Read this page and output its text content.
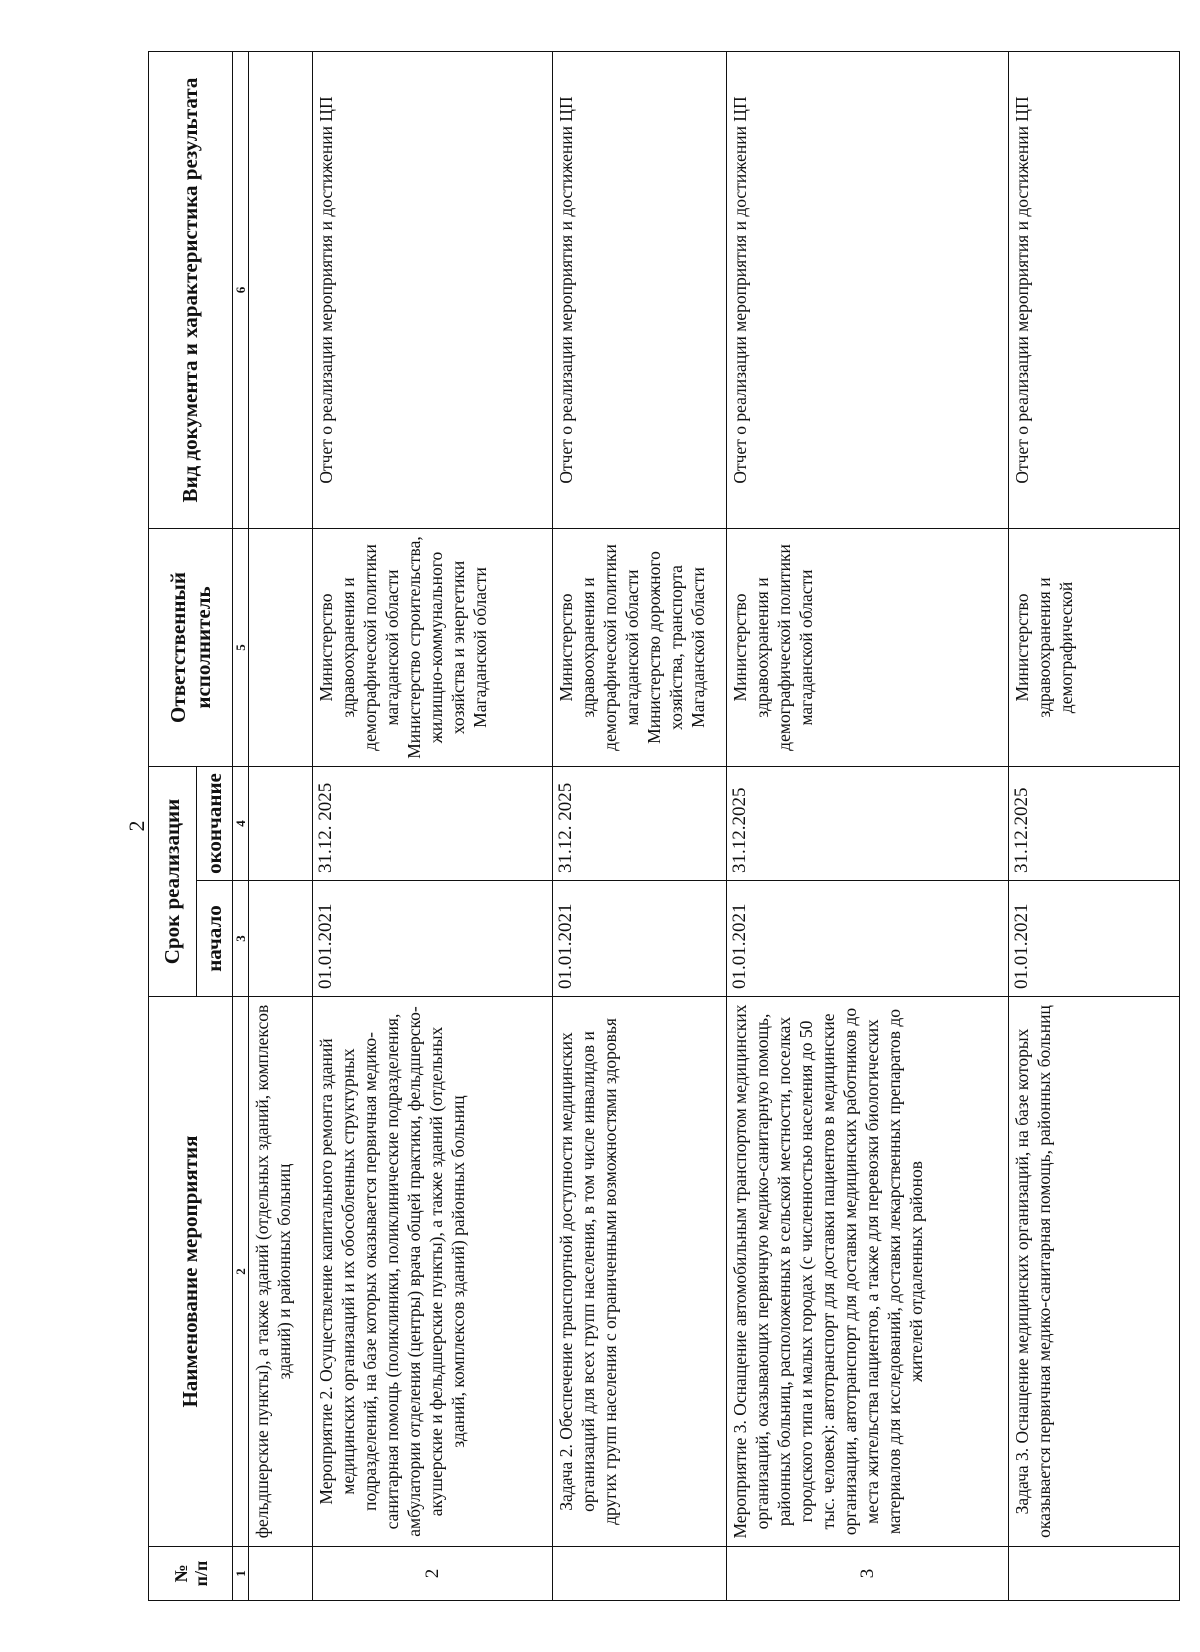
2
№
п/п	Наименование мероприятия	Срок реализации		Ответственный исполнитель	Вид документа и характеристика результата
		начало	окончание		
1	2	3	4	5	6
	фельдшерские пункты), а также зданий (отдельных зданий, комплексов зданий) и районных больниц				
2	Мероприятие 2. Осуществление капитального ремонта зданий медицинских организаций и их обособленных структурных подразделений, на базе которых оказывается первичная медико-санитарная помощь (поликлиники, поликлинические подразделения, амбулатории отделения (центры) врача общей практики, фельдшерско-акушерские и фельдшерские пункты), а также зданий (отдельных зданий, комплексов зданий) районных больниц	01.01.2021	31.12. 2025	Министерство здравоохранения и демографической политики магаданской области
Министерство строительства, жилищно-коммунального хозяйства и энергетики Магаданской области	Отчет о реализации мероприятия и достижении ЦП
	Задача 2. Обеспечение транспортной доступности медицинских организаций для всех групп населения, в том числе инвалидов и других групп населения с ограниченными возможностями здоровья	01.01.2021	31.12. 2025	Министерство здравоохранения и демографической политики магаданской области
Министерство дорожного хозяйства, транспорта Магаданской области	Отчет о реализации мероприятия и достижении ЦП
3	Мероприятие 3. Оснащение автомобильным транспортом медицинских организаций, оказывающих первичную медико-санитарную помощь, районных больниц, расположенных в сельской местности, поселках городского типа и малых городах (с численностью населения до 50 тыс. человек): автотранспорт для доставки пациентов в медицинские организации, автотранспорт для доставки медицинских работников до места жительства пациентов, а также для перевозки биологических материалов для исследований, доставки лекарственных препаратов до жителей отдаленных районов	01.01.2021	31.12.2025	Министерство здравоохранения и демографической политики магаданской области	Отчет о реализации мероприятия и достижении ЦП
	Задача 3. Оснащение медицинских организаций, на базе которых оказывается первичная медико-санитарная помощь, районных больниц	01.01.2021	31.12.2025	Министерство здравоохранения и демографической	Отчет о реализации мероприятия и достижении ЦП
